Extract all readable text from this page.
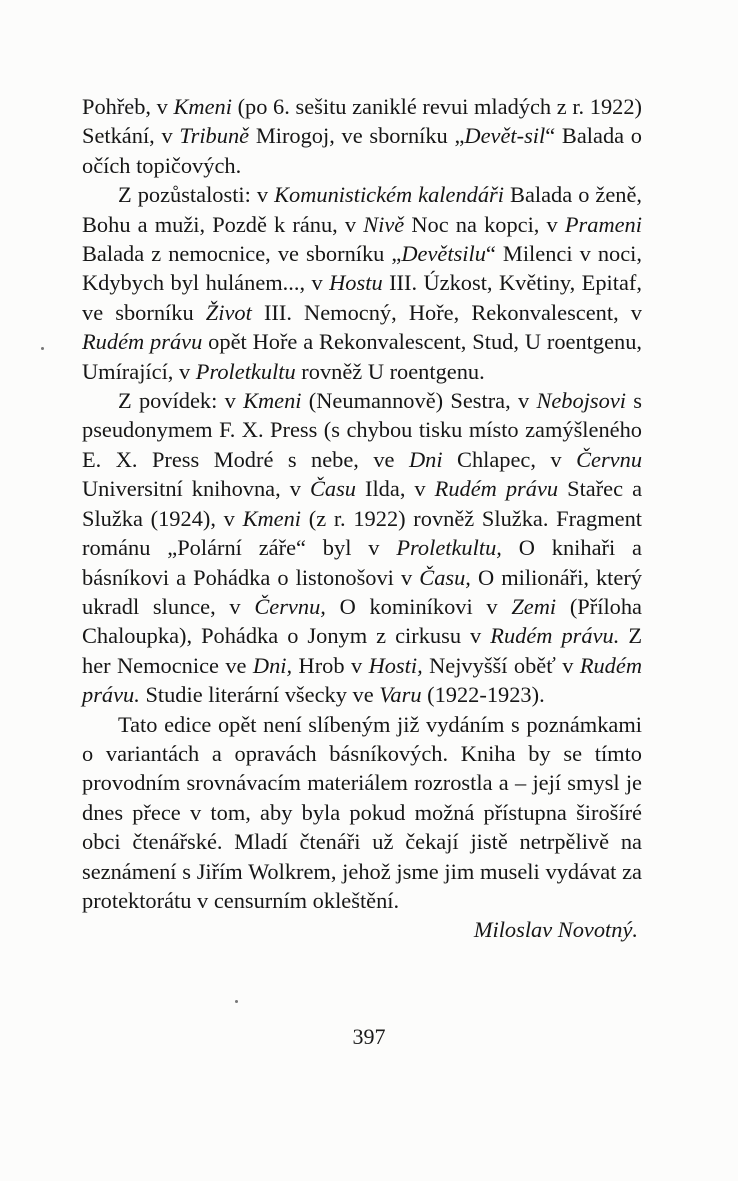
Pohřeb, v Kmeni (po 6. sešitu zaniklé revui mladých z r. 1922) Setkání, v Tribuně Mirogoj, ve sborníku „Devět-sil“ Balada o očích topičových.

Z pozůstalosti: v Komunistickém kalendáři Balada o ženě, Bohu a muži, Pozdě k ránu, v Nivě Noc na kopci, v Prameni Balada z nemocnice, ve sborníku „Devětsilu“ Milenci v noci, Kdybych byl hulánem..., v Hostu III. Úzkost, Květiny, Epitaf, ve sborníku Život III. Nemocný, Hoře, Rekonvalescent, v Rudém právu opět Hoře a Rekonvalescent, Stud, U roentgenu, Umírající, v Proletkultu rovněž U roentgenu.

Z povídek: v Kmeni (Neumannově) Sestra, v Nebojsovi s pseudonymem F. X. Press (s chybou tisku místo zamýšleného E. X. Press Modré s nebe, ve Dni Chlapec, v Červnu Universitní knihovna, v Času Ilda, v Rudém právu Stařec a Služka (1924), v Kmeni (z r. 1922) rovněž Služka. Fragment románu „Polární záře“ byl v Proletkultu, O knihaři a básníkovi a Pohádka o listonošovi v Času, O milionáři, který ukradl slunce, v Červnu, O kominíkovi v Zemi (Příloha Chaloupka), Pohádka o Jonym z cirkusu v Rudém právu. Z her Nemocnice ve Dni, Hrob v Hosti, Nejvyšší oběť v Rudém právu. Studie literární všecky ve Varu (1922-1923).

Tato edice opět není slíbeným již vydáním s poznámkami o variantách a opravách básníkových. Kniha by se tímto provodním srovnávacím materiálem rozrostla a – její smysl je dnes přece v tom, aby byla pokud možná přístupna širošíré obci čtenářské. Mladí čtenáři už čekají jistě netrpělivě na seznámení s Jiřím Wolkrem, jehož jsme jim museli vydávat za protektorátu v censurním okleštění.
Miloslav Novotný.

397
